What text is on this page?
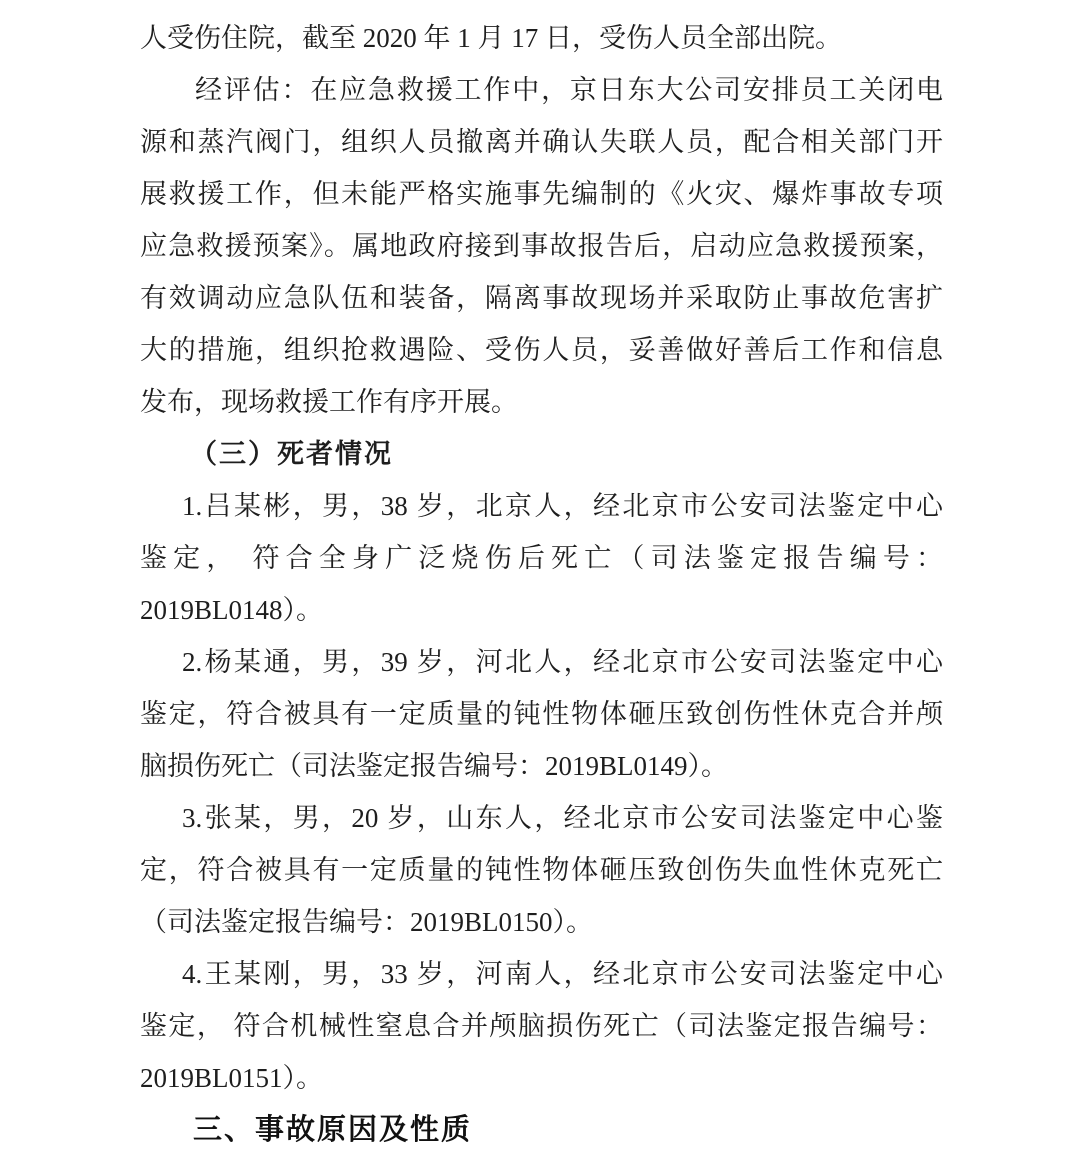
人受伤住院，截至 2020 年 1 月 17 日，受伤人员全部出院。
经评估：在应急救援工作中，京日东大公司安排员工关闭电
源和蒸汽阀门，组织人员撤离并确认失联人员，配合相关部门开
展救援工作，但未能严格实施事先编制的《火灾、爆炸事故专项
应急救援预案》。属地政府接到事故报告后，启动应急救援预案，
有效调动应急队伍和装备，隔离事故现场并采取防止事故危害扩
大的措施，组织抢救遇险、受伤人员，妥善做好善后工作和信息
发布，现场救援工作有序开展。
（三）死者情况
1.吕某彬，男，38 岁，北京人，经北京市公安司法鉴定中心
鉴定， 符合全身广泛烧伤后死亡（司法鉴定报告编号：
2019BL0148）。
2.杨某通，男，39 岁，河北人，经北京市公安司法鉴定中心
鉴定，符合被具有一定质量的钝性物体砸压致创伤性休克合并颅
脑损伤死亡（司法鉴定报告编号：2019BL0149）。
3.张某，男，20 岁，山东人，经北京市公安司法鉴定中心鉴
定，符合被具有一定质量的钝性物体砸压致创伤失血性休克死亡
（司法鉴定报告编号：2019BL0150）。
4.王某刚，男，33 岁，河南人，经北京市公安司法鉴定中心
鉴定， 符合机械性窒息合并颅脑损伤死亡（司法鉴定报告编号：
2019BL0151）。
三、事故原因及性质
